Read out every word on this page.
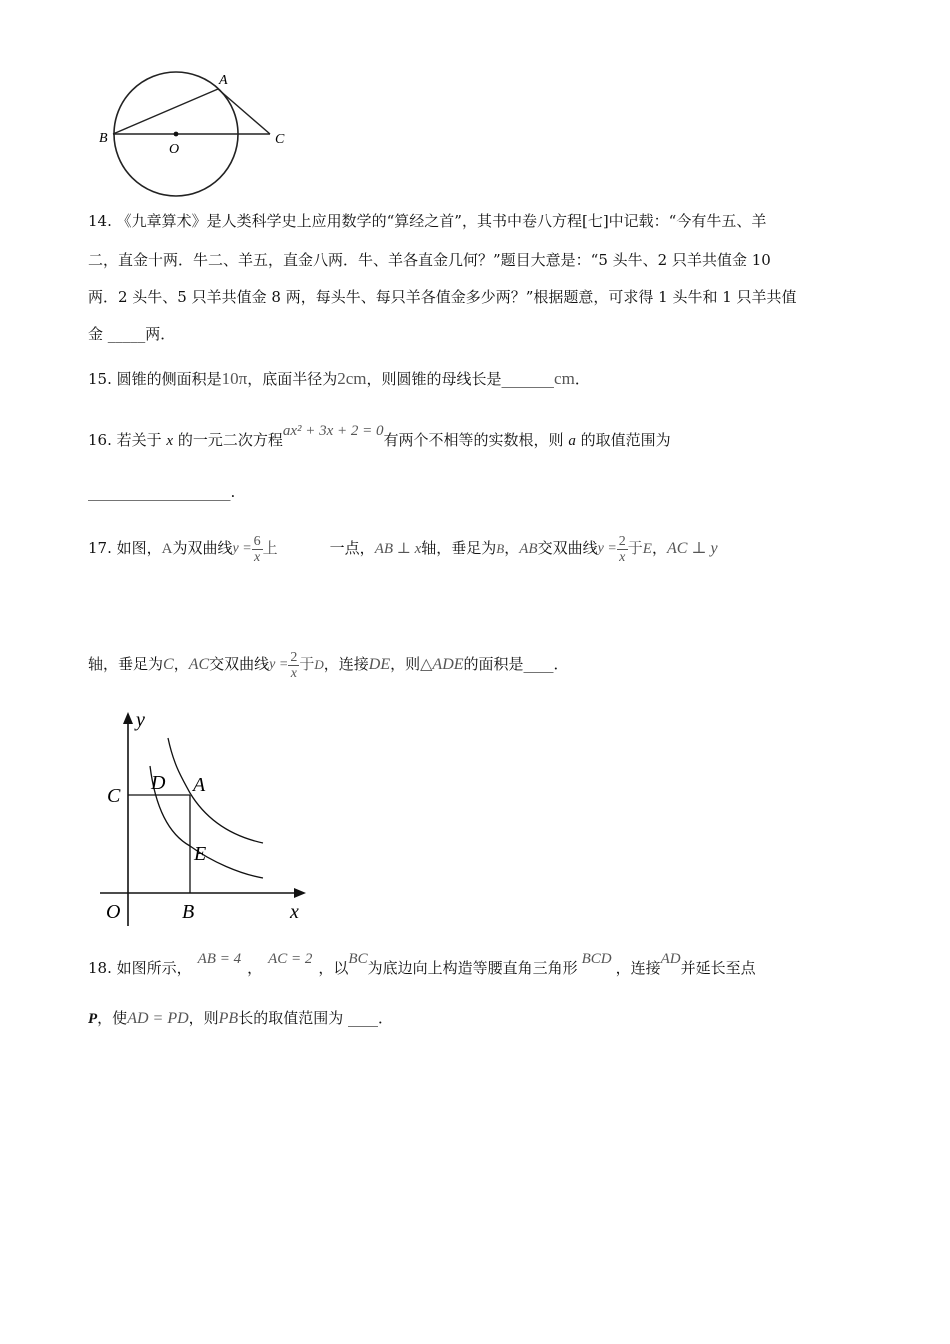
A
B
O
C
14. 《九章算术》是人类科学史上应用数学的“算经之首”，其书中卷八方程[七]中记载：“今有牛五、羊
二，直金十两．牛二、羊五，直金八两．牛、羊各直金几何？”题目大意是：“5 头牛、2 只羊共值金 10
两．2 头牛、5 只羊共值金 8 两，每头牛、每只羊各值金多少两？”根据题意，可求得 1 头牛和 1 只羊共值
金 _____两．
15. 圆锥的侧面积是10π，底面半径为2cm，则圆锥的母线长是_______cm．
16. 若关于 x 的一元二次方程ax² + 3x + 2 = 0有两个不相等的实数根，则 a 的取值范围为
___________________.
17. 如图，A为双曲线$y = \frac{6}{x}$ 上	一点，AB ⊥ x轴，垂足为B，AB交双曲线$y = \frac{2}{x}$ 于E，AC ⊥ y
轴，垂足为C，AC交双曲线$y = \frac{2}{x}$ 于D，连接DE，则△ADE的面积是____．
y
x
O	B
C
D A
E
18. 如图所示， AB = 4 ， AC = 2 ，以BC为底边向上构造等腰直角三角形 BCD ，连接AD并延长至点
P，使AD = PD，则PB长的取值范围为 ____．
